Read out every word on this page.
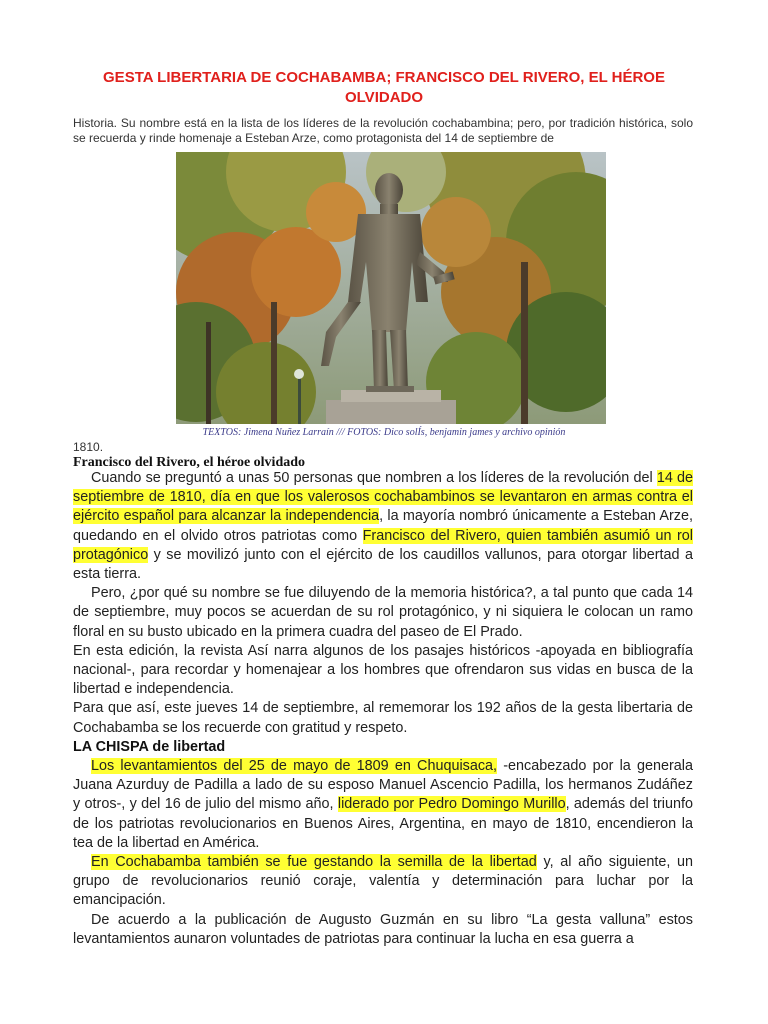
GESTA LIBERTARIA DE COCHABAMBA; FRANCISCO DEL RIVERO, EL HÉROE OLVIDADO
Historia. Su nombre está en la lista de los líderes de la revolución cochabambina; pero, por tradición histórica, solo se recuerda y rinde homenaje a Esteban Arze, como protagonista del 14 de septiembre de
TEXTOS: Jimena Nuñez Larraín /// FOTOS: Dico solÍs, benjamin james y archivo opinión
1810.
Francisco del Rivero, el héroe olvidado

Cuando se preguntó a unas 50 personas que nombren a los líderes de la revolución del 14 de septiembre de 1810, día en que los valerosos cochabambinos se levantaron en armas contra el ejército español para alcanzar la independencia, la mayoría nombró únicamente a Esteban Arze, quedando en el olvido otros patriotas como Francisco del Rivero, quien también asumió un rol protagónico y se movilizó junto con el ejército de los caudillos vallunos, para otorgar libertad a esta tierra.

Pero, ¿por qué su nombre se fue diluyendo de la memoria histórica?, a tal punto que cada 14 de septiembre, muy pocos se acuerdan de su rol protagónico, y ni siquiera le colocan un ramo floral en su busto ubicado en la primera cuadra del paseo de El Prado.

En esta edición, la revista Así narra algunos de los pasajes históricos -apoyada en bibliografía nacional-, para recordar y homenajear a los hombres que ofrendaron sus vidas en busca de la libertad e independencia.

Para que así, este jueves 14 de septiembre, al rememorar los 192 años de la gesta libertaria de Cochabamba se los recuerde con gratitud y respeto.

LA CHISPA de libertad

Los levantamientos del 25 de mayo de 1809 en Chuquisaca, -encabezado por la generala Juana Azurduy de Padilla a lado de su esposo Manuel Ascencio Padilla, los hermanos Zudáñez y otros-, y del 16 de julio del mismo año, liderado por Pedro Domingo Murillo, además del triunfo de los patriotas revolucionarios en Buenos Aires, Argentina, en mayo de 1810, encendieron la tea de la libertad en América.

En Cochabamba también se fue gestando la semilla de la libertad y, al año siguiente, un grupo de revolucionarios reunió coraje, valentía y determinación para luchar por la emancipación.

De acuerdo a la publicación de Augusto Guzmán en su libro “La gesta valluna” estos levantamientos aunaron voluntades de patriotas para continuar la lucha en esa guerra a
